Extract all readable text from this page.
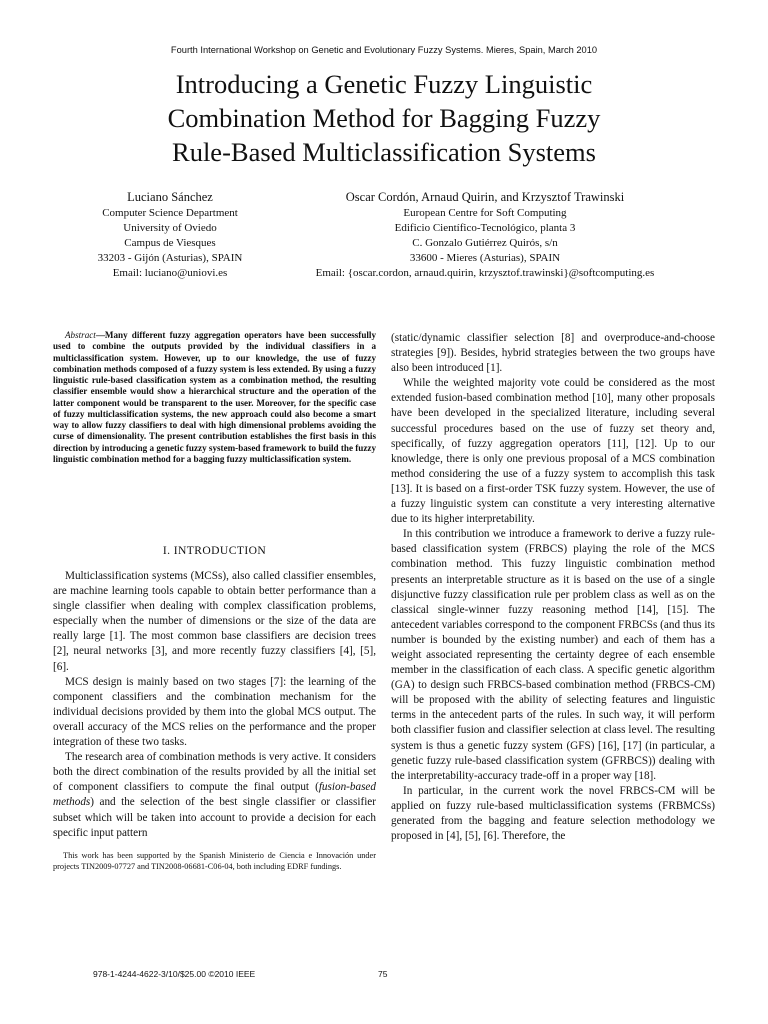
Fourth International Workshop on Genetic and Evolutionary Fuzzy Systems. Mieres, Spain, March 2010
Introducing a Genetic Fuzzy Linguistic
Combination Method for Bagging Fuzzy
Rule-Based Multiclassification Systems
Luciano Sánchez
Computer Science Department
University of Oviedo
Campus de Viesques
33203 - Gijón (Asturias), SPAIN
Email: luciano@uniovi.es
Oscar Cordón, Arnaud Quirin, and Krzysztof Trawinski
European Centre for Soft Computing
Edificio Científico-Tecnológico, planta 3
C. Gonzalo Gutiérrez Quirós, s/n
33600 - Mieres (Asturias), SPAIN
Email: {oscar.cordon, arnaud.quirin, krzysztof.trawinski}@softcomputing.es
Abstract—Many different fuzzy aggregation operators have been successfully used to combine the outputs provided by the individual classifiers in a multiclassification system. However, up to our knowledge, the use of fuzzy combination methods composed of a fuzzy system is less extended. By using a fuzzy linguistic rule-based classification system as a combination method, the resulting classifier ensemble would show a hierarchical structure and the operation of the latter component would be transparent to the user. Moreover, for the specific case of fuzzy multiclassification systems, the new approach could also become a smart way to allow fuzzy classifiers to deal with high dimensional problems avoiding the curse of dimensionality. The present contribution establishes the first basis in this direction by introducing a genetic fuzzy system-based framework to build the fuzzy linguistic combination method for a bagging fuzzy multiclassification system.
I. INTRODUCTION

Multiclassification systems (MCSs), also called classifier ensembles, are machine learning tools capable to obtain better performance than a single classifier when dealing with complex classification problems, especially when the number of dimensions or the size of the data are really large [1]. The most common base classifiers are decision trees [2], neural networks [3], and more recently fuzzy classifiers [4], [5], [6].

MCS design is mainly based on two stages [7]: the learning of the component classifiers and the combination mechanism for the individual decisions provided by them into the global MCS output. The overall accuracy of the MCS relies on the performance and the proper integration of these two tasks.

The research area of combination methods is very active. It considers both the direct combination of the results provided by all the initial set of component classifiers to compute the final output (fusion-based methods) and the selection of the best single classifier or classifier subset which will be taken into account to provide a decision for each specific input pattern

This work has been supported by the Spanish Ministerio de Ciencia e Innovación under projects TIN2009-07727 and TIN2008-06681-C06-04, both including EDRF fundings.

(static/dynamic classifier selection [8] and overproduce-and-choose strategies [9]). Besides, hybrid strategies between the two groups have also been introduced [1].

While the weighted majority vote could be considered as the most extended fusion-based combination method [10], many other proposals have been developed in the specialized literature, including several successful procedures based on the use of fuzzy set theory and, specifically, of fuzzy aggregation operators [11], [12]. Up to our knowledge, there is only one previous proposal of a MCS combination method considering the use of a fuzzy system to accomplish this task [13]. It is based on a first-order TSK fuzzy system. However, the use of a fuzzy linguistic system can constitute a very interesting alternative due to its higher interpretability.

In this contribution we introduce a framework to derive a fuzzy rule-based classification system (FRBCS) playing the role of the MCS combination method. This fuzzy linguistic combination method presents an interpretable structure as it is based on the use of a single disjunctive fuzzy classification rule per problem class as well as on the classical single-winner fuzzy reasoning method [14], [15]. The antecedent variables correspond to the component FRBCSs (and thus its number is bounded by the existing number) and each of them has a weight associated representing the certainty degree of each ensemble member in the classification of each class. A specific genetic algorithm (GA) to design such FRBCS-based combination method (FRBCS-CM) will be proposed with the ability of selecting features and linguistic terms in the antecedent parts of the rules. In such way, it will perform both classifier fusion and classifier selection at class level. The resulting system is thus a genetic fuzzy system (GFS) [16], [17] (in particular, a genetic fuzzy rule-based classification system (GFRBCS)) dealing with the interpretability-accuracy trade-off in a proper way [18].

In particular, in the current work the novel FRBCS-CM will be applied on fuzzy rule-based multiclassification systems (FRBMCSs) generated from the bagging and feature selection methodology we proposed in [4], [5], [6]. Therefore, the

978-1-4244-4622-3/10/$25.00 ©2010 IEEE	75
